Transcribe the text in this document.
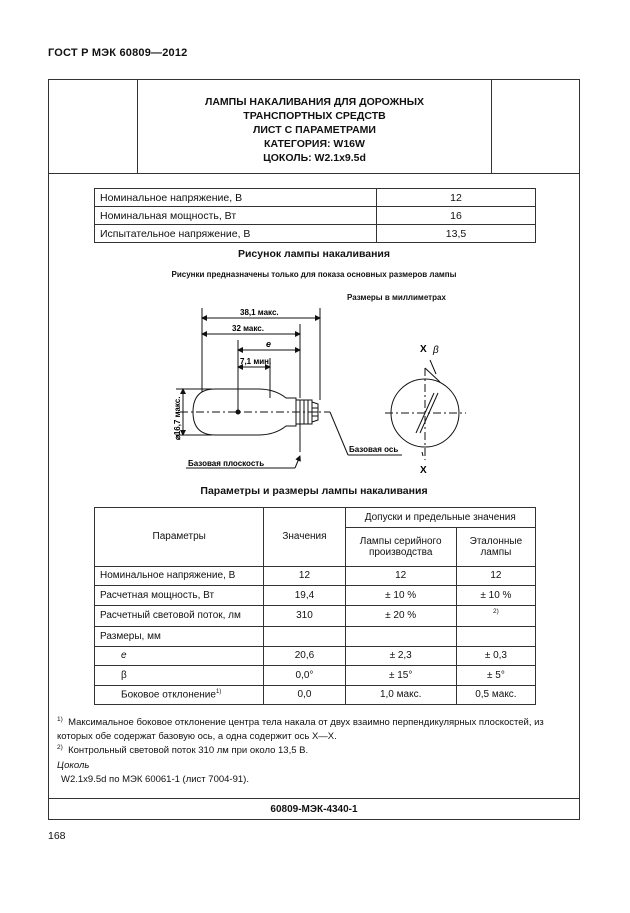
ГОСТ Р МЭК 60809—2012
ЛАМПЫ НАКАЛИВАНИЯ ДЛЯ ДОРОЖНЫХ
ТРАНСПОРТНЫХ СРЕДСТВ
ЛИСТ С ПАРАМЕТРАМИ
КАТЕГОРИЯ: W16W
ЦОКОЛЬ: W2.1x9.5d
Номинальное напряжение, В	12
Номинальная мощность, Вт	16
Испытательное напряжение, В	13,5
Рисунок лампы накаливания
Рисунки предназначены только для показа основных размеров лампы
Размеры в миллиметрах
38,1 макс.
32 макс.
e
7,1 мин.
⌀16,7 макс.
Базовая плоскость
Базовая ось
X
X
β
Параметры и размеры лампы накаливания
Параметры	Значения	Допуски и предельные значения	
		Лампы серийного производства	Эталонные лампы
Номинальное напряжение, В	12	12	12
Расчетная мощность, Вт	19,4	± 10 %	± 10 %
Расчетный световой поток, лм	310	± 20 %	2)
Размеры, мм			
e	20,6	± 2,3	± 0,3
β	0,0°	± 15°	± 5°
Боковое отклонение$^{1)}$	0,0	1,0 макс.	0,5 макс.
$^{1)}$ Максимальное боковое отклонение центра тела накала от двух взаимно перпендикулярных плоскостей, из которых обе содержат базовую ось, а одна содержит ось X—X.
$^{2)}$ Контрольный световой поток 310 лм при около 13,5 В.
Цоколь
W2.1x9.5d по МЭК 60061-1 (лист 7004-91).
60809-МЭК-4340-1
168
